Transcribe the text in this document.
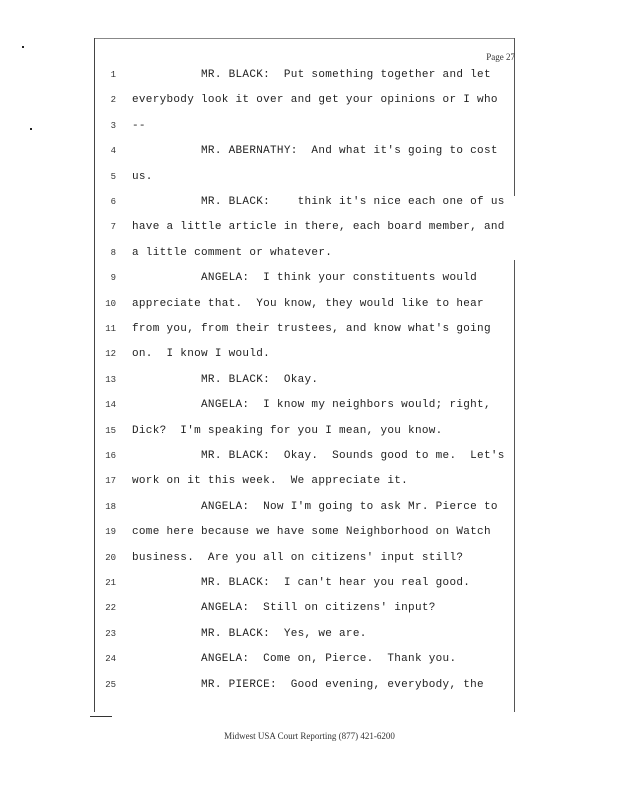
Page 27
1 MR. BLACK:  Put something together and let
2 everybody look it over and get your opinions or I who
3 --
4 MR. ABERNATHY:  And what it's going to cost
5 us.
6 MR. BLACK:    think it's nice each one of us
7 have a little article in there, each board member, and
8 a little comment or whatever.
9 ANGELA:  I think your constituents would
10 appreciate that.  You know, they would like to hear
11 from you, from their trustees, and know what's going
12 on.  I know I would.
13 MR. BLACK:  Okay.
14 ANGELA:  I know my neighbors would; right,
15 Dick?  I'm speaking for you I mean, you know.
16 MR. BLACK:  Okay.  Sounds good to me.  Let's
17 work on it this week.  We appreciate it.
18 ANGELA:  Now I'm going to ask Mr. Pierce to
19 come here because we have some Neighborhood on Watch
20 business.  Are you all on citizens' input still?
21 MR. BLACK:  I can't hear you real good.
22 ANGELA:  Still on citizens' input?
23 MR. BLACK:  Yes, we are.
24 ANGELA:  Come on, Pierce.  Thank you.
25 MR. PIERCE:  Good evening, everybody, the
Midwest USA Court Reporting (877) 421-6200
